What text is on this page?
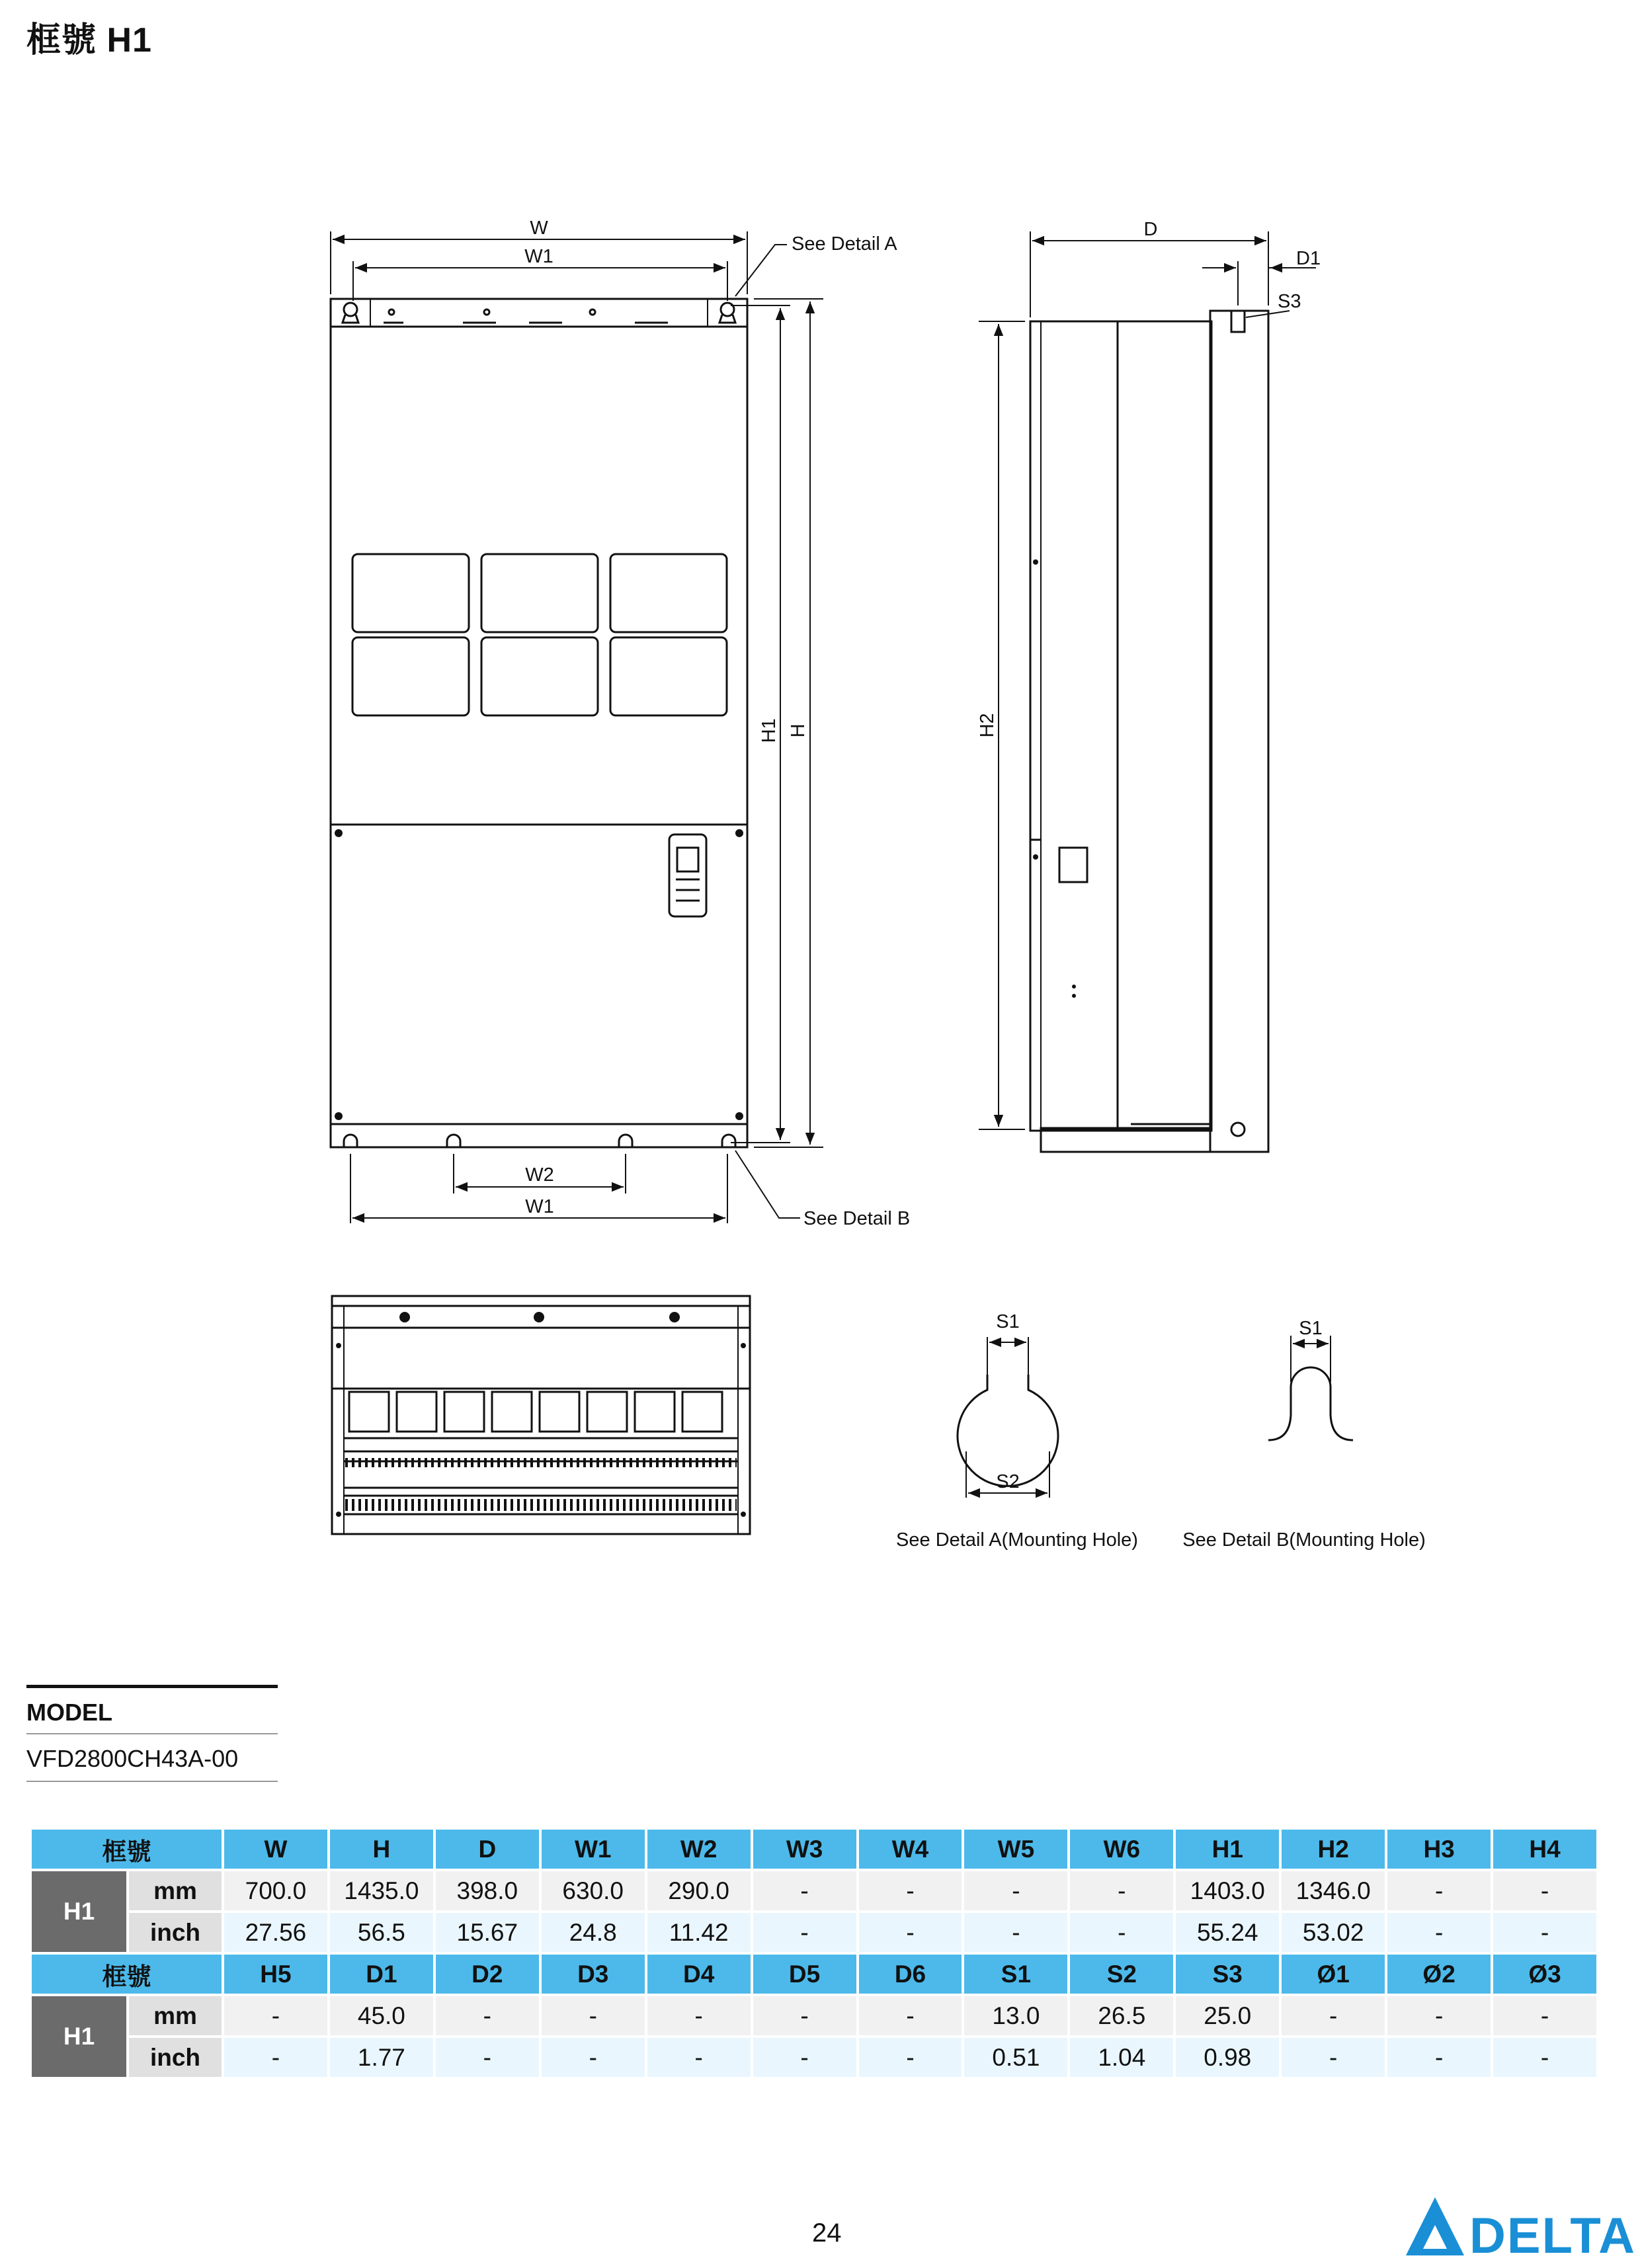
框號 H1
W
W1
See Detail A
H1 H
W2
W1
See Detail B
D
D1
S3
H2
S1
S2
See Detail A(Mounting Hole)
S1
See Detail B(Mounting Hole)
MODEL
VFD2800CH43A-00
框號		W	H	D	W1	W2	W3	W4	W5	W6	H1	H2	H3	H4
H1	mm	700.0	1435.0	398.0	630.0	290.0	-	-	-	-	1403.0	1346.0	-	-
	inch	27.56	56.5	15.67	24.8	11.42	-	-	-	-	55.24	53.02	-	-
框號		H5	D1	D2	D3	D4	D5	D6	S1	S2	S3	Ø1	Ø2	Ø3
H1	mm	-	45.0	-	-	-	-	-	13.0	26.5	25.0	-	-	-
	inch	-	1.77	-	-	-	-	-	0.51	1.04	0.98	-	-	-
24	DELTA
